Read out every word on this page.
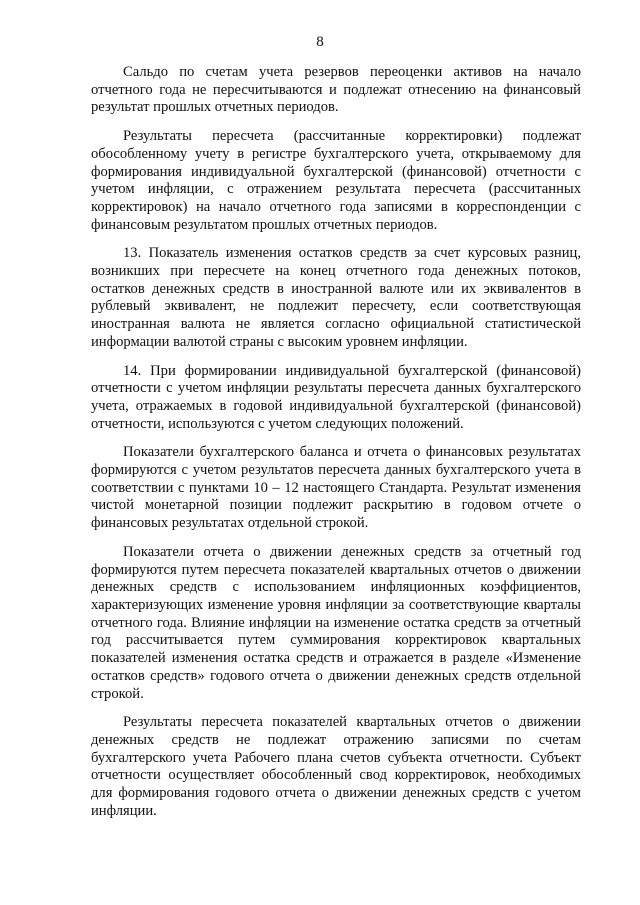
8

Сальдо по счетам учета резервов переоценки активов на начало отчетного года не пересчитываются и подлежат отнесению на финансовый результат прошлых отчетных периодов.

Результаты пересчета (рассчитанные корректировки) подлежат обособленному учету в регистре бухгалтерского учета, открываемому для формирования индивидуальной бухгалтерской (финансовой) отчетности с учетом инфляции, с отражением результата пересчета (рассчитанных корректировок) на начало отчетного года записями в корреспонденции с финансовым результатом прошлых отчетных периодов.

13. Показатель изменения остатков средств за счет курсовых разниц, возникших при пересчете на конец отчетного года денежных потоков, остатков денежных средств в иностранной валюте или их эквивалентов в рублевый эквивалент, не подлежит пересчету, если соответствующая иностранная валюта не является согласно официальной статистической информации валютой страны с высоким уровнем инфляции.

14. При формировании индивидуальной бухгалтерской (финансовой) отчетности с учетом инфляции результаты пересчета данных бухгалтерского учета, отражаемых в годовой индивидуальной бухгалтерской (финансовой) отчетности, используются с учетом следующих положений.

Показатели бухгалтерского баланса и отчета о финансовых результатах формируются с учетом результатов пересчета данных бухгалтерского учета в соответствии с пунктами 10 – 12 настоящего Стандарта. Результат изменения чистой монетарной позиции подлежит раскрытию в годовом отчете о финансовых результатах отдельной строкой.

Показатели отчета о движении денежных средств за отчетный год формируются путем пересчета показателей квартальных отчетов о движении денежных средств с использованием инфляционных коэффициентов, характеризующих изменение уровня инфляции за соответствующие кварталы отчетного года. Влияние инфляции на изменение остатка средств за отчетный год рассчитывается путем суммирования корректировок квартальных показателей изменения остатка средств и отражается в разделе «Изменение остатков средств» годового отчета о движении денежных средств отдельной строкой.

Результаты пересчета показателей квартальных отчетов о движении денежных средств не подлежат отражению записями по счетам бухгалтерского учета Рабочего плана счетов субъекта отчетности. Субъект отчетности осуществляет обособленный свод корректировок, необходимых для формирования годового отчета о движении денежных средств с учетом инфляции.
